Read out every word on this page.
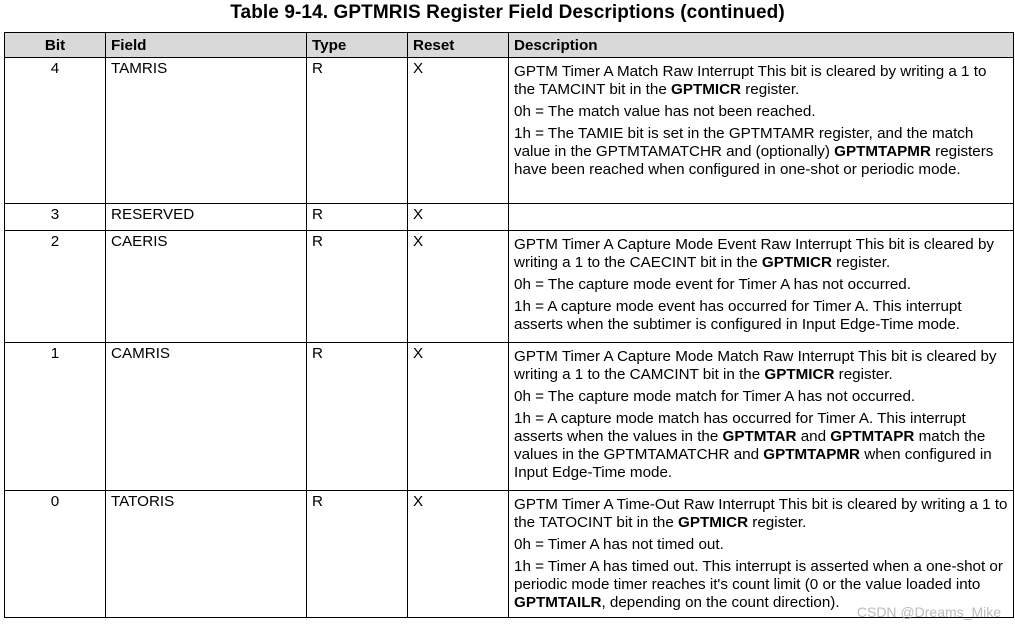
Table 9-14. GPTMRIS Register Field Descriptions (continued)
Bit	Field	Type	Reset	Description
4	TAMRIS	R	X	GPTM Timer A Match Raw Interrupt This bit is cleared by writing a 1 to the TAMCINT bit in the GPTMICR register.

0h = The match value has not been reached.

1h = The TAMIE bit is set in the GPTMTAMR register, and the match value in the GPTMTAMATCHR and (optionally) GPTMTAPMR registers have been reached when configured in one-shot or periodic mode.

3	RESERVED	R	X	
2	CAERIS	R	X	GPTM Timer A Capture Mode Event Raw Interrupt This bit is cleared by writing a 1 to the CAECINT bit in the GPTMICR register.

0h = The capture mode event for Timer A has not occurred.

1h = A capture mode event has occurred for Timer A. This interrupt asserts when the subtimer is configured in Input Edge-Time mode.

1	CAMRIS	R	X	GPTM Timer A Capture Mode Match Raw Interrupt This bit is cleared by writing a 1 to the CAMCINT bit in the GPTMICR register.

0h = The capture mode match for Timer A has not occurred.

1h = A capture mode match has occurred for Timer A. This interrupt asserts when the values in the GPTMTAR and GPTMTAPR match the values in the GPTMTAMATCHR and GPTMTAPMR when configured in Input Edge-Time mode.

0	TATORIS	R	X	GPTM Timer A Time-Out Raw Interrupt This bit is cleared by writing a 1 to the TATOCINT bit in the GPTMICR register.

0h = Timer A has not timed out.

1h = Timer A has timed out. This interrupt is asserted when a one-shot or periodic mode timer reaches it's count limit (0 or the value loaded into GPTMTAILR, depending on the count direction).

CSDN @Dreams_Mike
